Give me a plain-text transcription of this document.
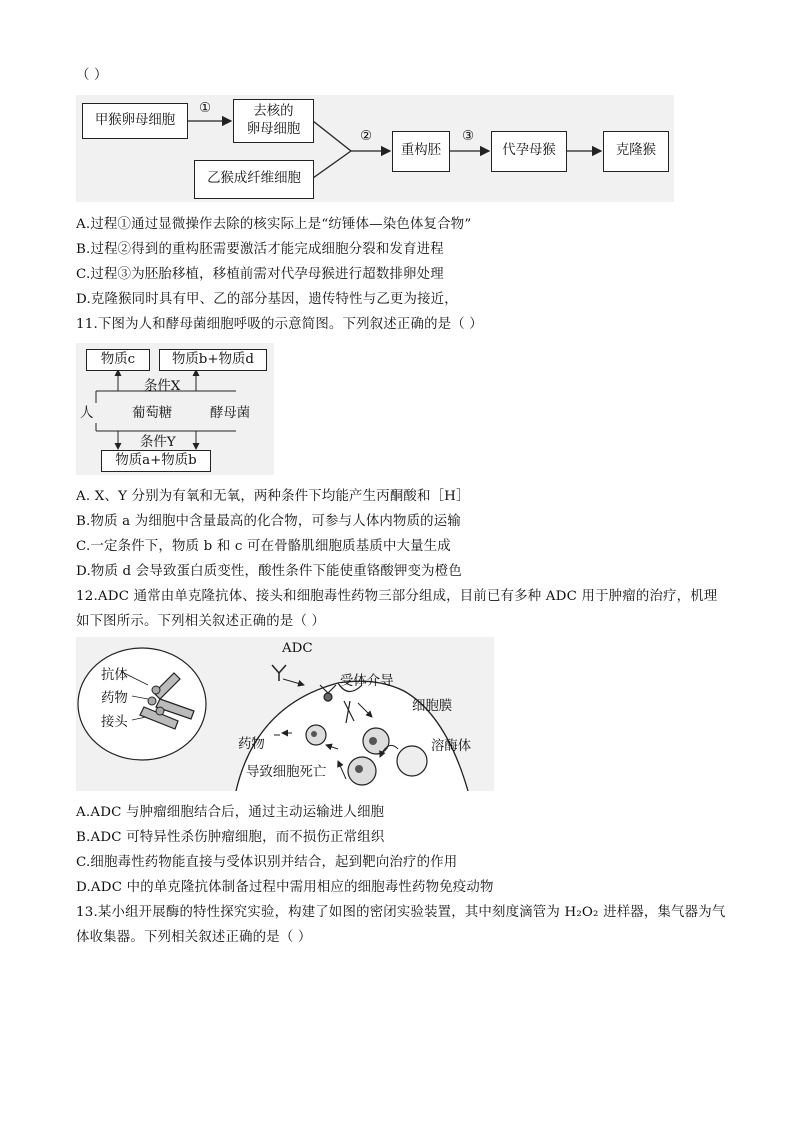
（ ）
甲猴卵母细胞
①	去核的
卵母细胞
乙猴成纤维细胞
②
重构胚
③
代孕母猴	克隆猴
A.过程①通过显微操作去除的核实际上是“纺锤体—染色体复合物”
B.过程②得到的重构胚需要激活才能完成细胞分裂和发育进程
C.过程③为胚胎移植，移植前需对代孕母猴进行超数排卵处理
D.克隆猴同时具有甲、乙的部分基因，遗传特性与乙更为接近，
11.下图为人和酵母菌细胞呼吸的示意简图。下列叙述正确的是（ ）
物质c	物质b+物质d
条件X
人	葡萄糖	酵母菌
条件Y
物质a+物质b
A. X、Y 分别为有氧和无氧，两种条件下均能产生丙酮酸和［H］
B.物质 a 为细胞中含量最高的化合物，可参与人体内物质的运输
C.一定条件下，物质 b 和 c 可在骨骼肌细胞质基质中大量生成
D.物质 d 会导致蛋白质变性，酸性条件下能使重铬酸钾变为橙色
12.ADC 通常由单克隆抗体、接头和细胞毒性药物三部分组成，目前已有多种 ADC 用于肿瘤的治疗，机理
如下图所示。下列相关叙述正确的是（ ）
抗体
药物
接头
ADC
受体介导
细胞膜
药物	溶酶体
导致细胞死亡
A.ADC 与肿瘤细胞结合后，通过主动运输进人细胞
B.ADC 可特异性杀伤肿瘤细胞，而不损伤正常组织
C.细胞毒性药物能直接与受体识别并结合，起到靶向治疗的作用
D.ADC 中的单克隆抗体制备过程中需用相应的细胞毒性药物免疫动物
13.某小组开展酶的特性探究实验，构建了如图的密闭实验装置，其中刻度滴管为 H₂O₂ 进样器，集气器为气
体收集器。下列相关叙述正确的是（ ）
